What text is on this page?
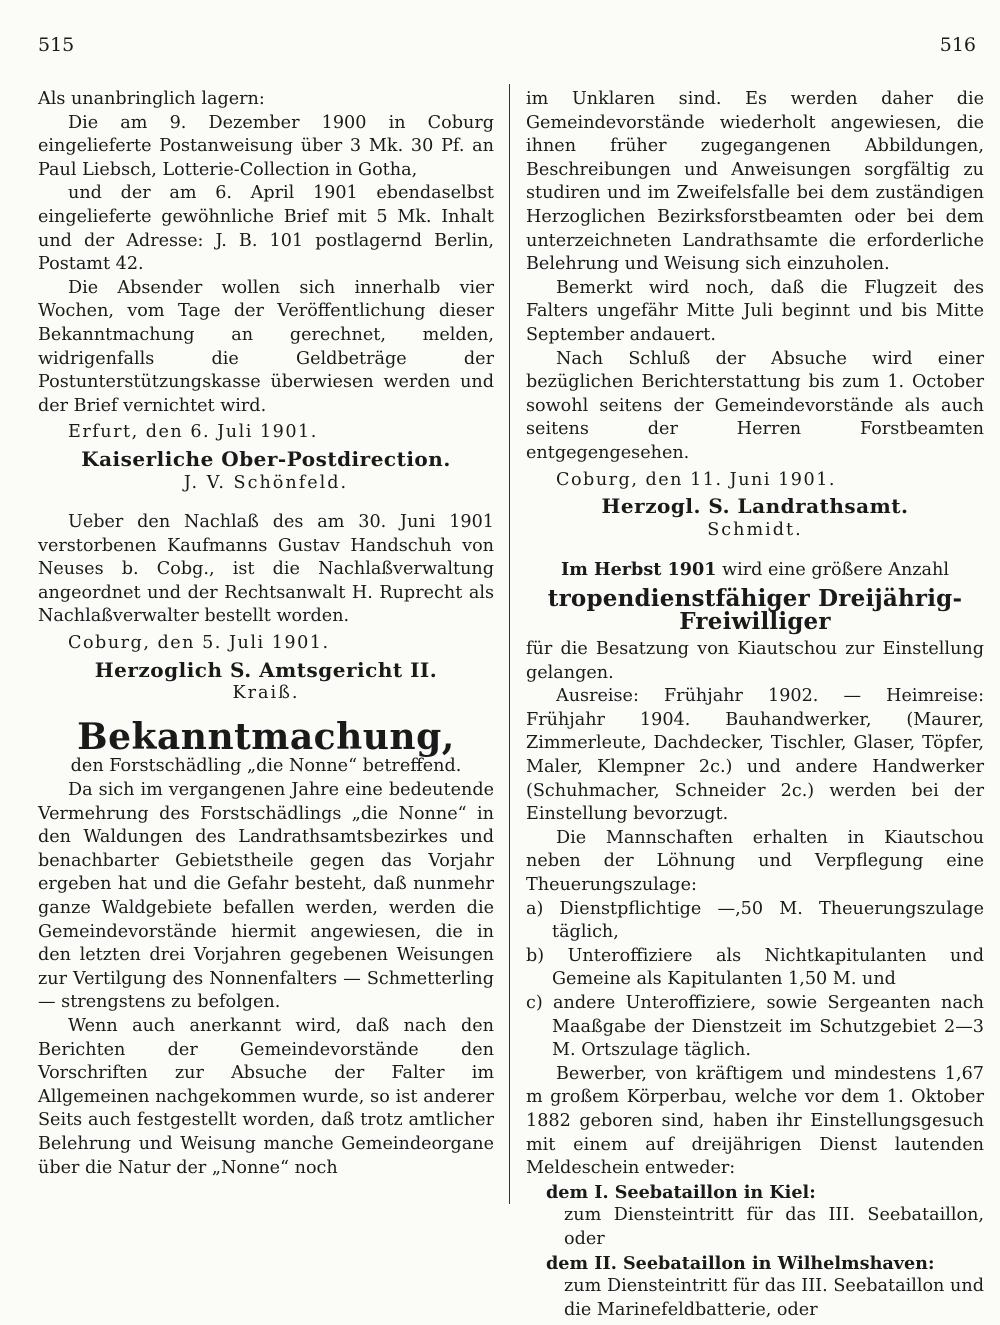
515	516

Als unanbringlich lagern:

Die am 9. Dezember 1900 in Coburg eingelieferte Postanweisung über 3 Mk. 30 Pf. an Paul Liebsch, Lotterie-Collection in Gotha,

und der am 6. April 1901 ebendaselbst eingelieferte gewöhnliche Brief mit 5 Mk. Inhalt und der Adresse: J. B. 101 postlagernd Berlin, Postamt 42.

Die Absender wollen sich innerhalb vier Wochen, vom Tage der Veröffentlichung dieser Bekanntmachung an gerechnet, melden, widrigenfalls die Geldbeträge der Postunterstützungskasse überwiesen werden und der Brief vernichtet wird.

Erfurt, den 6. Juli 1901.

Kaiserliche Ober-Postdirection.

J. V. Schönfeld.

Ueber den Nachlaß des am 30. Juni 1901 verstorbenen Kaufmanns Gustav Handschuh von Neuses b. Cobg., ist die Nachlaßverwaltung angeordnet und der Rechtsanwalt H. Ruprecht als Nachlaßverwalter bestellt worden.

Coburg, den 5. Juli 1901.

Herzoglich S. Amtsgericht II.

Kraiß.

Bekanntmachung,

den Forstschädling „die Nonne“ betreffend.

Da sich im vergangenen Jahre eine bedeutende Vermehrung des Forstschädlings „die Nonne“ in den Waldungen des Landrathsamtsbezirkes und benachbarter Gebietstheile gegen das Vorjahr ergeben hat und die Gefahr besteht, daß nunmehr ganze Waldgebiete befallen werden, werden die Gemeindevorstände hiermit angewiesen, die in den letzten drei Vorjahren gegebenen Weisungen zur Vertilgung des Nonnenfalters — Schmetterling — strengstens zu befolgen.

Wenn auch anerkannt wird, daß nach den Berichten der Gemeindevorstände den Vorschriften zur Absuche der Falter im Allgemeinen nachgekommen wurde, so ist anderer Seits auch festgestellt worden, daß trotz amtlicher Belehrung und Weisung manche Gemeindeorgane über die Natur der „Nonne“ noch

im Unklaren sind. Es werden daher die Gemeindevorstände wiederholt angewiesen, die ihnen früher zugegangenen Abbildungen, Beschreibungen und Anweisungen sorgfältig zu studiren und im Zweifelsfalle bei dem zuständigen Herzoglichen Bezirksforstbeamten oder bei dem unterzeichneten Landrathsamte die erforderliche Belehrung und Weisung sich einzuholen.

Bemerkt wird noch, daß die Flugzeit des Falters ungefähr Mitte Juli beginnt und bis Mitte September andauert.

Nach Schluß der Absuche wird einer bezüglichen Berichterstattung bis zum 1. October sowohl seitens der Gemeindevorstände als auch seitens der Herren Forstbeamten entgegengesehen.

Coburg, den 11. Juni 1901.

Herzogl. S. Landrathsamt.

Schmidt.

Im Herbst 1901 wird eine größere Anzahl

tropendienstfähiger Dreijährig-Freiwilliger

für die Besatzung von Kiautschou zur Einstellung gelangen.

Ausreise: Frühjahr 1902. — Heimreise: Frühjahr 1904. Bauhandwerker, (Maurer, Zimmerleute, Dachdecker, Tischler, Glaser, Töpfer, Maler, Klempner 2c.) und andere Handwerker (Schuhmacher, Schneider 2c.) werden bei der Einstellung bevorzugt.

Die Mannschaften erhalten in Kiautschou neben der Löhnung und Verpflegung eine Theuerungszulage:

a) Dienstpflichtige —,50 M. Theuerungszulage täglich,

b) Unteroffiziere als Nichtkapitulanten und Gemeine als Kapitulanten 1,50 M. und

c) andere Unteroffiziere, sowie Sergeanten nach Maaßgabe der Dienstzeit im Schutzgebiet 2—3 M. Ortszulage täglich.

Bewerber, von kräftigem und mindestens 1,67 m großem Körperbau, welche vor dem 1. Oktober 1882 geboren sind, haben ihr Einstellungsgesuch mit einem auf dreijährigen Dienst lautenden Meldeschein entweder:

dem I. Seebataillon in Kiel:

zum Diensteintritt für das III. Seebataillon, oder

dem II. Seebataillon in Wilhelmshaven:

zum Diensteintritt für das III. Seebataillon und die Marinefeldbatterie, oder
